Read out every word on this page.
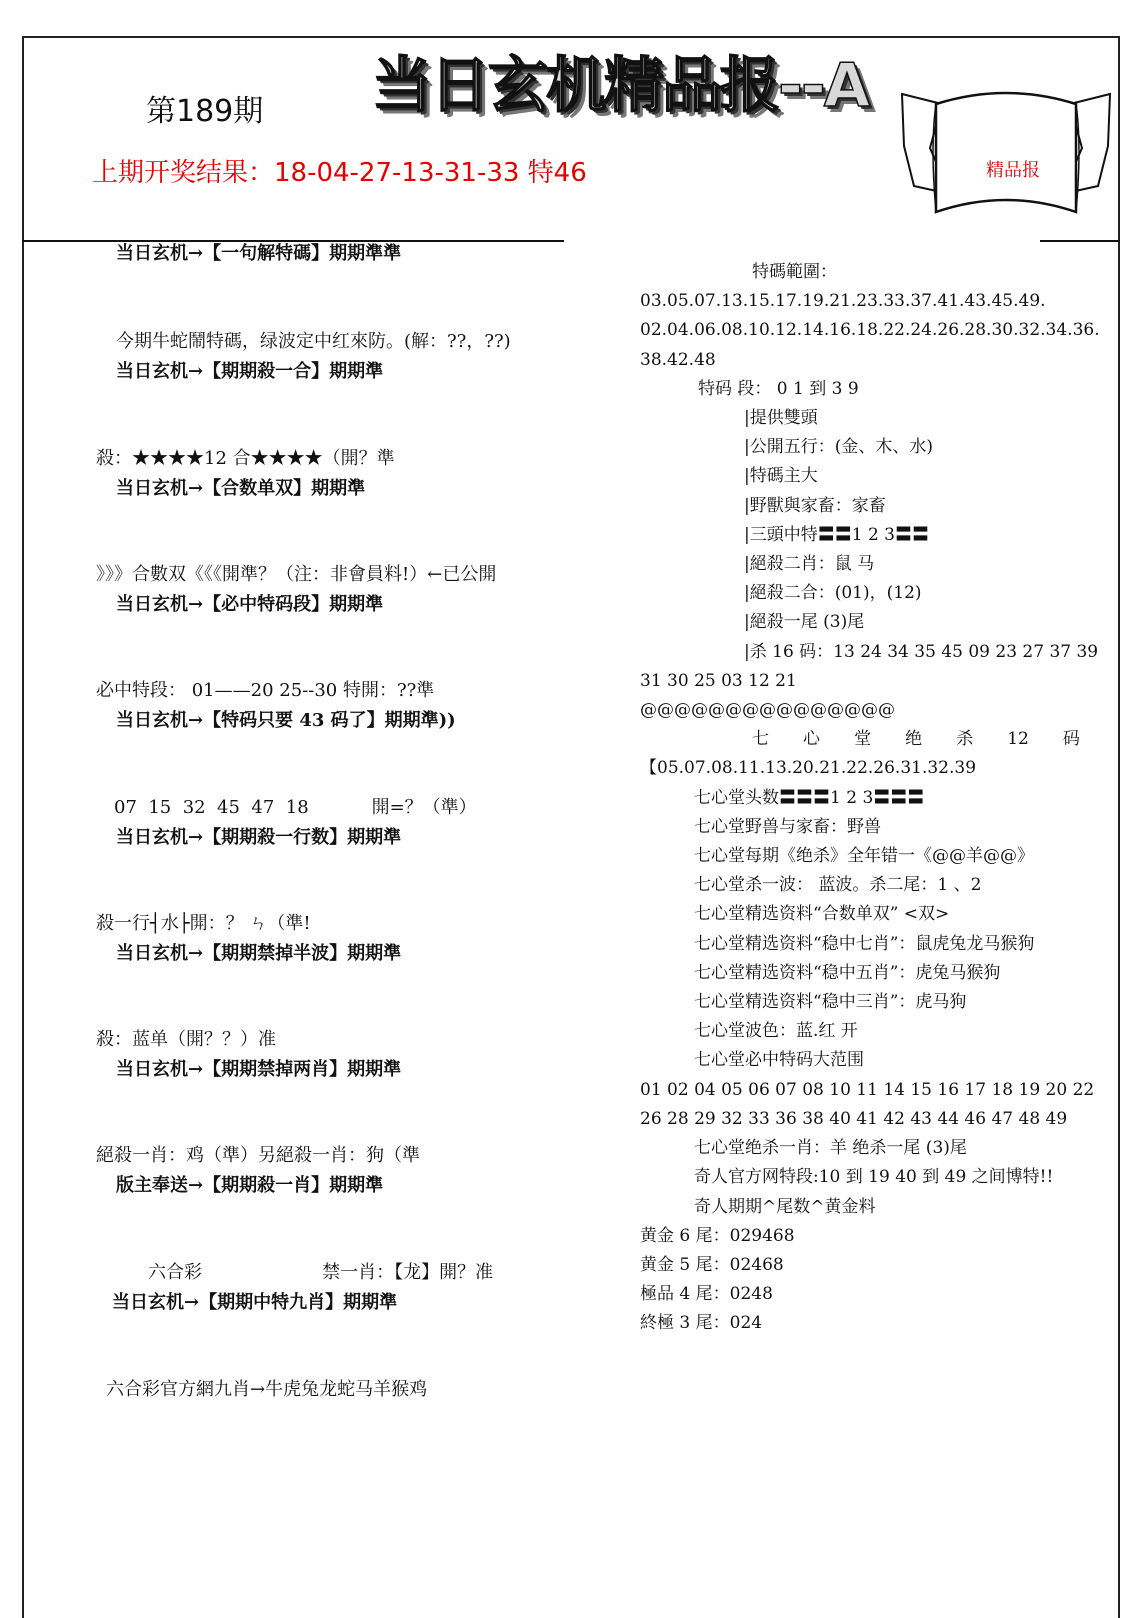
第189期 当日玄机精品报--A
上期开奖结果：18-04-27-13-31-33 特46	精品报
当日玄机→【一句解特碼】期期準準
今期牛蛇鬧特碼，绿波定中红來防。(解：??，??)
当日玄机→【期期殺一合】期期準
殺：★★★★12 合★★★★（開？準
当日玄机→【合数单双】期期準
》》》合數双《《《開準？（注：非會員料!）←已公開
当日玄机→【必中特码段】期期準
必中特段： 01——20 25--30 特開：??準
当日玄机→【特码只要 43 码了】期期準))
07  15  32  45  47  18           開=？（準）
当日玄机→【期期殺一行数】期期準
殺一行┤水├開：？ ㄣ（準!
当日玄机→【期期禁掉半波】期期準
殺：蓝单（開？？）准
当日玄机→【期期禁掉两肖】期期準
絕殺一肖：鸡（準）另絕殺一肖：狗（準
版主奉送→【期期殺一肖】期期準
六合彩                     禁一肖：【龙】開？准
当日玄机→【期期中特九肖】期期準
六合彩官方網九肖→牛虎兔龙蛇马羊猴鸡
特碼範圍：
03.05.07.13.15.17.19.21.23.33.37.41.43.45.49.
02.04.06.08.10.12.14.16.18.22.24.26.28.30.32.34.36.38.42.48
特码 段： 0 1 到 3 9
|提供雙頭
|公開五行：(金、木、水)
|特碼主大
|野獸與家畜：家畜
|三頭中特〓〓1 2 3〓〓
|絕殺二肖：鼠 马
|絕殺二合：(01)，(12)
|絕殺一尾 (3)尾
|杀 16 码：13 24 34 35 45 09 23 27 37 39 31 30 25 03 12 21
@@@@@@@@@@@@@@@
七 心 堂 绝 杀 12 码
【05.07.08.11.13.20.21.22.26.31.32.39
七心堂头数〓〓〓1 2 3〓〓〓
七心堂野兽与家畜：野兽
七心堂每期《绝杀》全年错一《@@羊@@》
七心堂杀一波： 蓝波。杀二尾：1 、2
七心堂精选资料“合数单双” <双>
七心堂精选资料“稳中七肖”：鼠虎兔龙马猴狗
七心堂精选资料“稳中五肖”：虎兔马猴狗
七心堂精选资料“稳中三肖”：虎马狗
七心堂波色：蓝.红 开
七心堂必中特码大范围
01 02 04 05 06 07 08 10 11 14 15 16 17 18 19 20 22 26 28 29 32 33 36 38 40 41 42 43 44 46 47 48 49
七心堂绝杀一肖：羊 绝杀一尾 (3)尾
奇人官方网特段:10 到 19 40 到 49 之间博特!!
奇人期期^尾数^黄金料
黄金 6 尾：029468
黄金 5 尾：02468
極品 4 尾：0248
終極 3 尾：024
